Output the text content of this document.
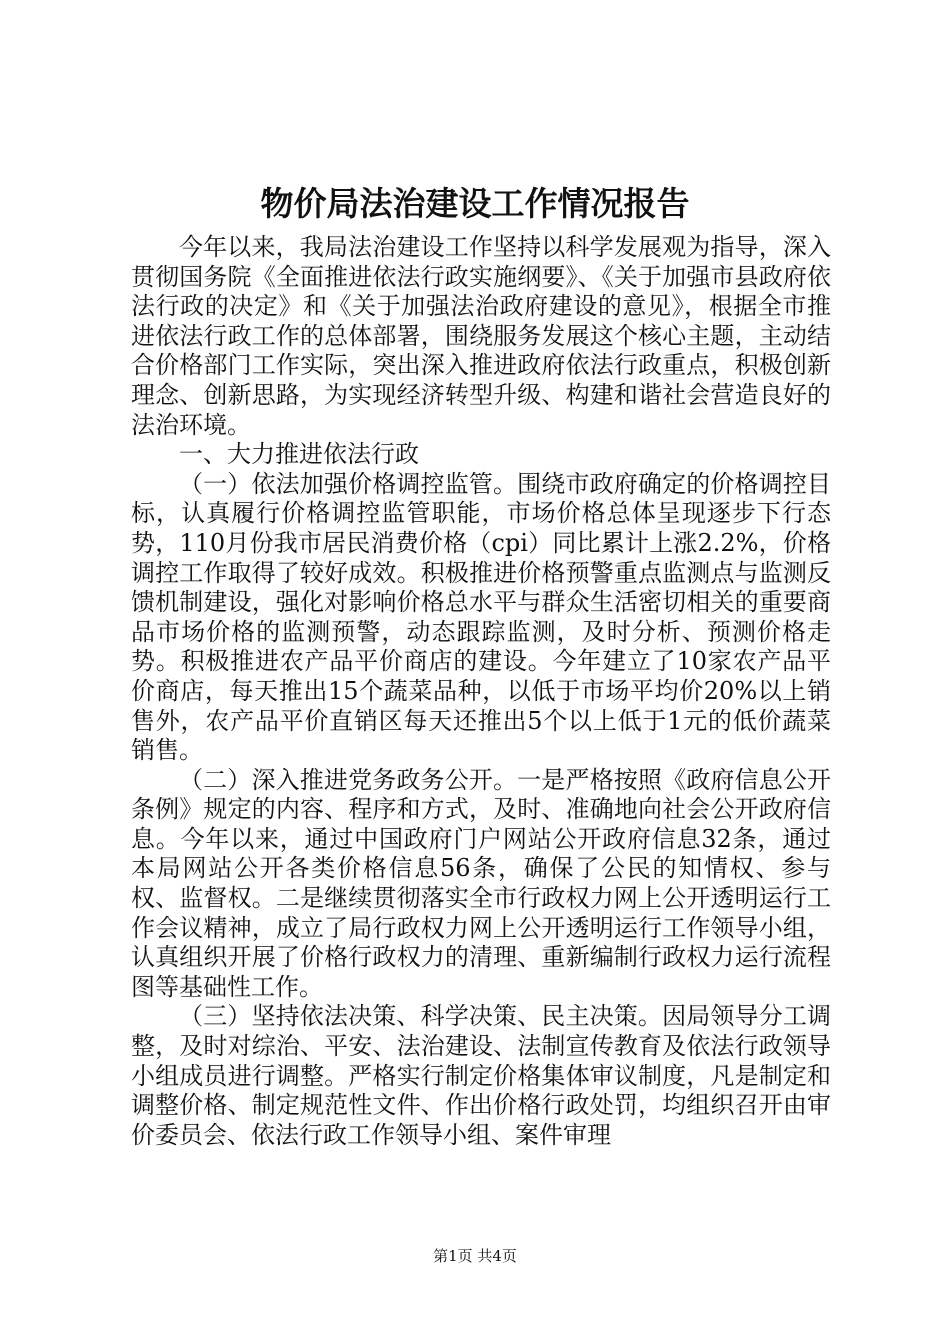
物价局法治建设工作情况报告

今年以来，我局法治建设工作坚持以科学发展观为指导，深入贯彻国务院《全面推进依法行政实施纲要》、《关于加强市县政府依法行政的决定》和《关于加强法治政府建设的意见》，根据全市推进依法行政工作的总体部署，围绕服务发展这个核心主题，主动结合价格部门工作实际，突出深入推进政府依法行政重点，积极创新理念、创新思路，为实现经济转型升级、构建和谐社会营造良好的法治环境。

一、大力推进依法行政

（一）依法加强价格调控监管。围绕市政府确定的价格调控目标，认真履行价格调控监管职能，市场价格总体呈现逐步下行态势，110月份我市居民消费价格（cpi）同比累计上涨2.2%，价格调控工作取得了较好成效。积极推进价格预警重点监测点与监测反馈机制建设，强化对影响价格总水平与群众生活密切相关的重要商品市场价格的监测预警，动态跟踪监测，及时分析、预测价格走势。积极推进农产品平价商店的建设。今年建立了10家农产品平价商店，每天推出15个蔬菜品种，以低于市场平均价20%以上销售外，农产品平价直销区每天还推出5个以上低于1元的低价蔬菜销售。

（二）深入推进党务政务公开。一是严格按照《政府信息公开条例》规定的内容、程序和方式，及时、准确地向社会公开政府信息。今年以来，通过中国政府门户网站公开政府信息32条，通过本局网站公开各类价格信息56条，确保了公民的知情权、参与权、监督权。二是继续贯彻落实全市行政权力网上公开透明运行工作会议精神，成立了局行政权力网上公开透明运行工作领导小组，认真组织开展了价格行政权力的清理、重新编制行政权力运行流程图等基础性工作。

（三）坚持依法决策、科学决策、民主决策。因局领导分工调整，及时对综治、平安、法治建设、法制宣传教育及依法行政领导小组成员进行调整。严格实行制定价格集体审议制度，凡是制定和调整价格、制定规范性文件、作出价格行政处罚，均组织召开由审价委员会、依法行政工作领导小组、案件审理

第1页 共4页
